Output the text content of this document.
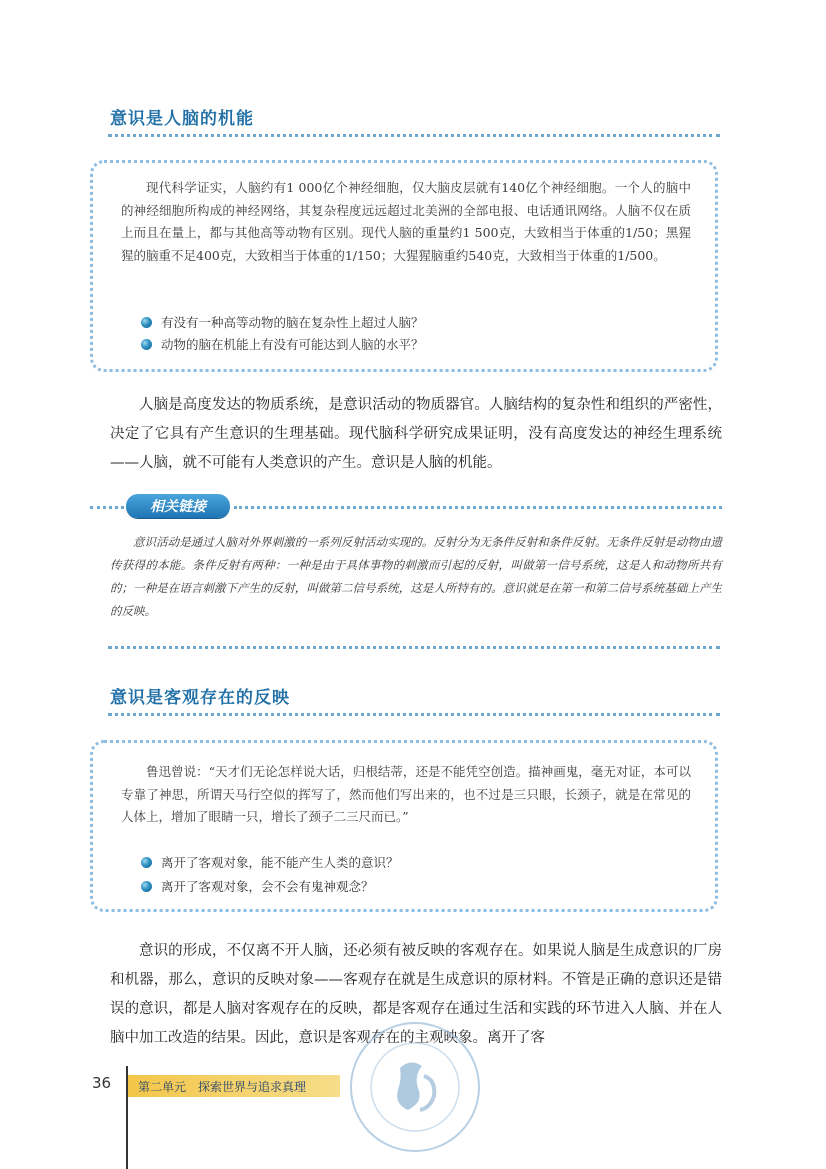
意识是人脑的机能
现代科学证实，人脑约有1 000亿个神经细胞，仅大脑皮层就有140亿个神经细胞。一个人的脑中的神经细胞所构成的神经网络，其复杂程度远远超过北美洲的全部电报、电话通讯网络。人脑不仅在质上而且在量上，都与其他高等动物有区别。现代人脑的重量约1 500克，大致相当于体重的1/50；黑猩猩的脑重不足400克，大致相当于体重的1/150；大猩猩脑重约540克，大致相当于体重的1/500。
有没有一种高等动物的脑在复杂性上超过人脑？
动物的脑在机能上有没有可能达到人脑的水平？
人脑是高度发达的物质系统，是意识活动的物质器官。人脑结构的复杂性和组织的严密性，决定了它具有产生意识的生理基础。现代脑科学研究成果证明，没有高度发达的神经生理系统——人脑，就不可能有人类意识的产生。意识是人脑的机能。
相关链接
意识活动是通过人脑对外界刺激的一系列反射活动实现的。反射分为无条件反射和条件反射。无条件反射是动物由遗传获得的本能。条件反射有两种：一种是由于具体事物的刺激而引起的反射，叫做第一信号系统，这是人和动物所共有的；一种是在语言刺激下产生的反射，叫做第二信号系统，这是人所特有的。意识就是在第一和第二信号系统基础上产生的反映。
意识是客观存在的反映
鲁迅曾说：“天才们无论怎样说大话，归根结蒂，还是不能凭空创造。描神画鬼，毫无对证，本可以专靠了神思，所谓天马行空似的挥写了，然而他们写出来的，也不过是三只眼，长颈子，就是在常见的人体上，增加了眼睛一只，增长了颈子二三尺而已。”
离开了客观对象，能不能产生人类的意识？
离开了客观对象，会不会有鬼神观念？
意识的形成，不仅离不开人脑，还必须有被反映的客观存在。如果说人脑是生成意识的厂房和机器，那么，意识的反映对象——客观存在就是生成意识的原材料。不管是正确的意识还是错误的意识，都是人脑对客观存在的反映，都是客观存在通过生活和实践的环节进入人脑、并在人脑中加工改造的结果。因此，意识是客观存在的主观映象。离开了客
36 第二单元　探索世界与追求真理
